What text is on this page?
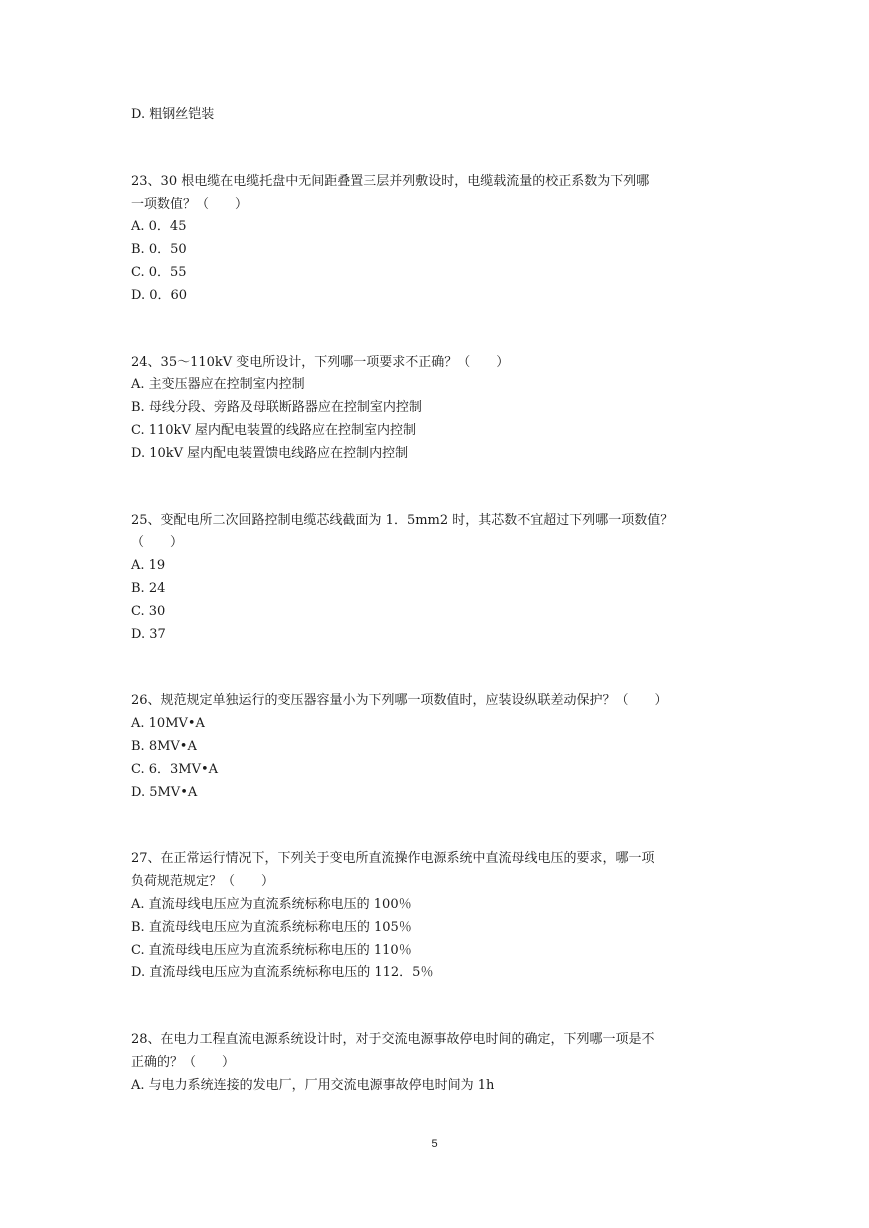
D. 粗钢丝铠装
23、30 根电缆在电缆托盘中无间距叠置三层并列敷设时，电缆载流量的校正系数为下列哪
一项数值？（　　）
A. 0．45
B. 0．50
C. 0．55
D. 0．60
24、35～110kV 变电所设计，下列哪一项要求不正确？（　　）
A. 主变压器应在控制室内控制
B. 母线分段、旁路及母联断路器应在控制室内控制
C. 110kV 屋内配电装置的线路应在控制室内控制
D. 10kV 屋内配电装置馈电线路应在控制内控制
25、变配电所二次回路控制电缆芯线截面为 1．5mm2 时，其芯数不宜超过下列哪一项数值？
（　　）
A. 19
B. 24
C. 30
D. 37
26、规范规定单独运行的变压器容量小为下列哪一项数值时，应装设纵联差动保护？（　　）
A. 10MV•A
B. 8MV•A
C. 6．3MV•A
D. 5MV•A
27、在正常运行情况下，下列关于变电所直流操作电源系统中直流母线电压的要求，哪一项
负荷规范规定？（　　）
A. 直流母线电压应为直流系统标称电压的 100％
B. 直流母线电压应为直流系统标称电压的 105％
C. 直流母线电压应为直流系统标称电压的 110％
D. 直流母线电压应为直流系统标称电压的 112．5％
28、在电力工程直流电源系统设计时，对于交流电源事故停电时间的确定，下列哪一项是不
正确的？（　　）
A. 与电力系统连接的发电厂，厂用交流电源事故停电时间为 1h
5
